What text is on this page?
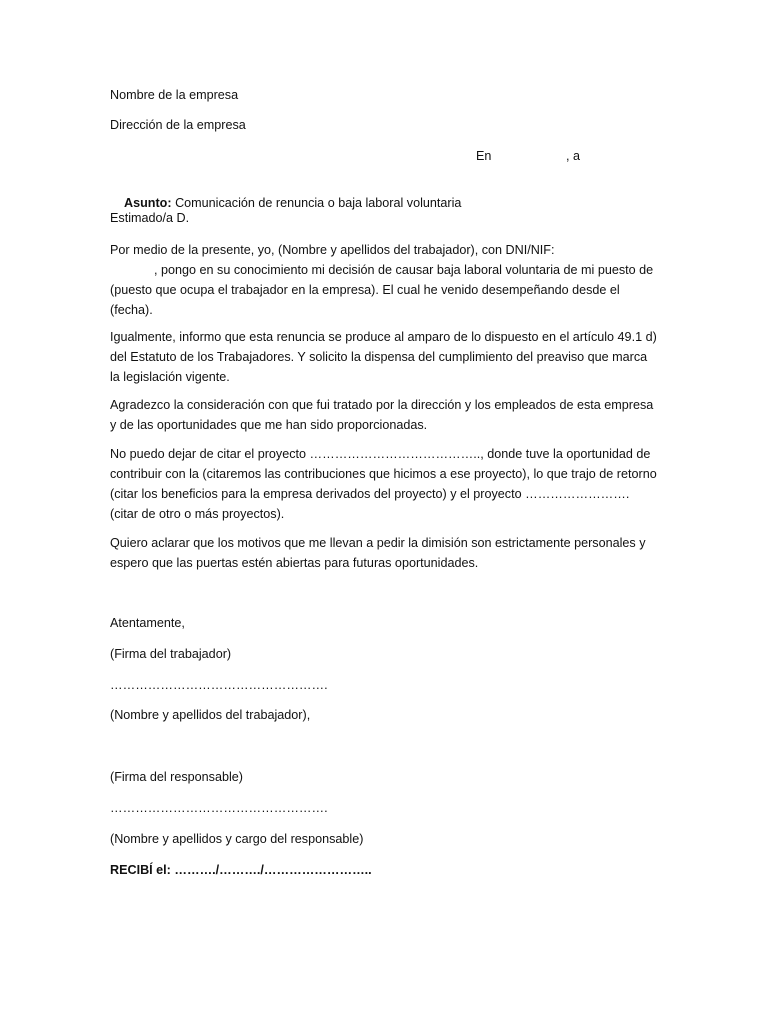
Nombre de la empresa
Dirección de la empresa
En	, a

Asunto: Comunicación de renuncia o baja laboral voluntaria

Estimado/a D.
Por medio de la presente, yo, (Nombre y apellidos del trabajador), con DNI/NIF:
, pongo en su conocimiento mi decisión de causar baja laboral voluntaria de mi puesto de (puesto que ocupa el trabajador en la empresa). El cual he venido desempeñando desde el (fecha).
Igualmente, informo que esta renuncia se produce al amparo de lo dispuesto en el artículo 49.1 d) del Estatuto de los Trabajadores. Y solicito la dispensa del cumplimiento del preaviso que marca la legislación vigente.
Agradezco la consideración con que fui tratado por la dirección y los empleados de esta empresa y de las oportunidades que me han sido proporcionadas.
No puedo dejar de citar el proyecto ………………………………….., donde tuve la oportunidad de contribuir con la (citaremos las contribuciones que hicimos a ese proyecto), lo que trajo de retorno (citar los beneficios para la empresa derivados del proyecto) y el proyecto ……………………. (citar de otro o más proyectos).
Quiero aclarar que los motivos que me llevan a pedir la dimisión son estrictamente personales y espero que las puertas estén abiertas para futuras oportunidades.
Atentamente,
(Firma del trabajador)
…………………………………………….
(Nombre y apellidos del trabajador),
(Firma del responsable)
…………………………………………….
(Nombre y apellidos y cargo del responsable)
RECIBÍ el: ………./………./……………………..
